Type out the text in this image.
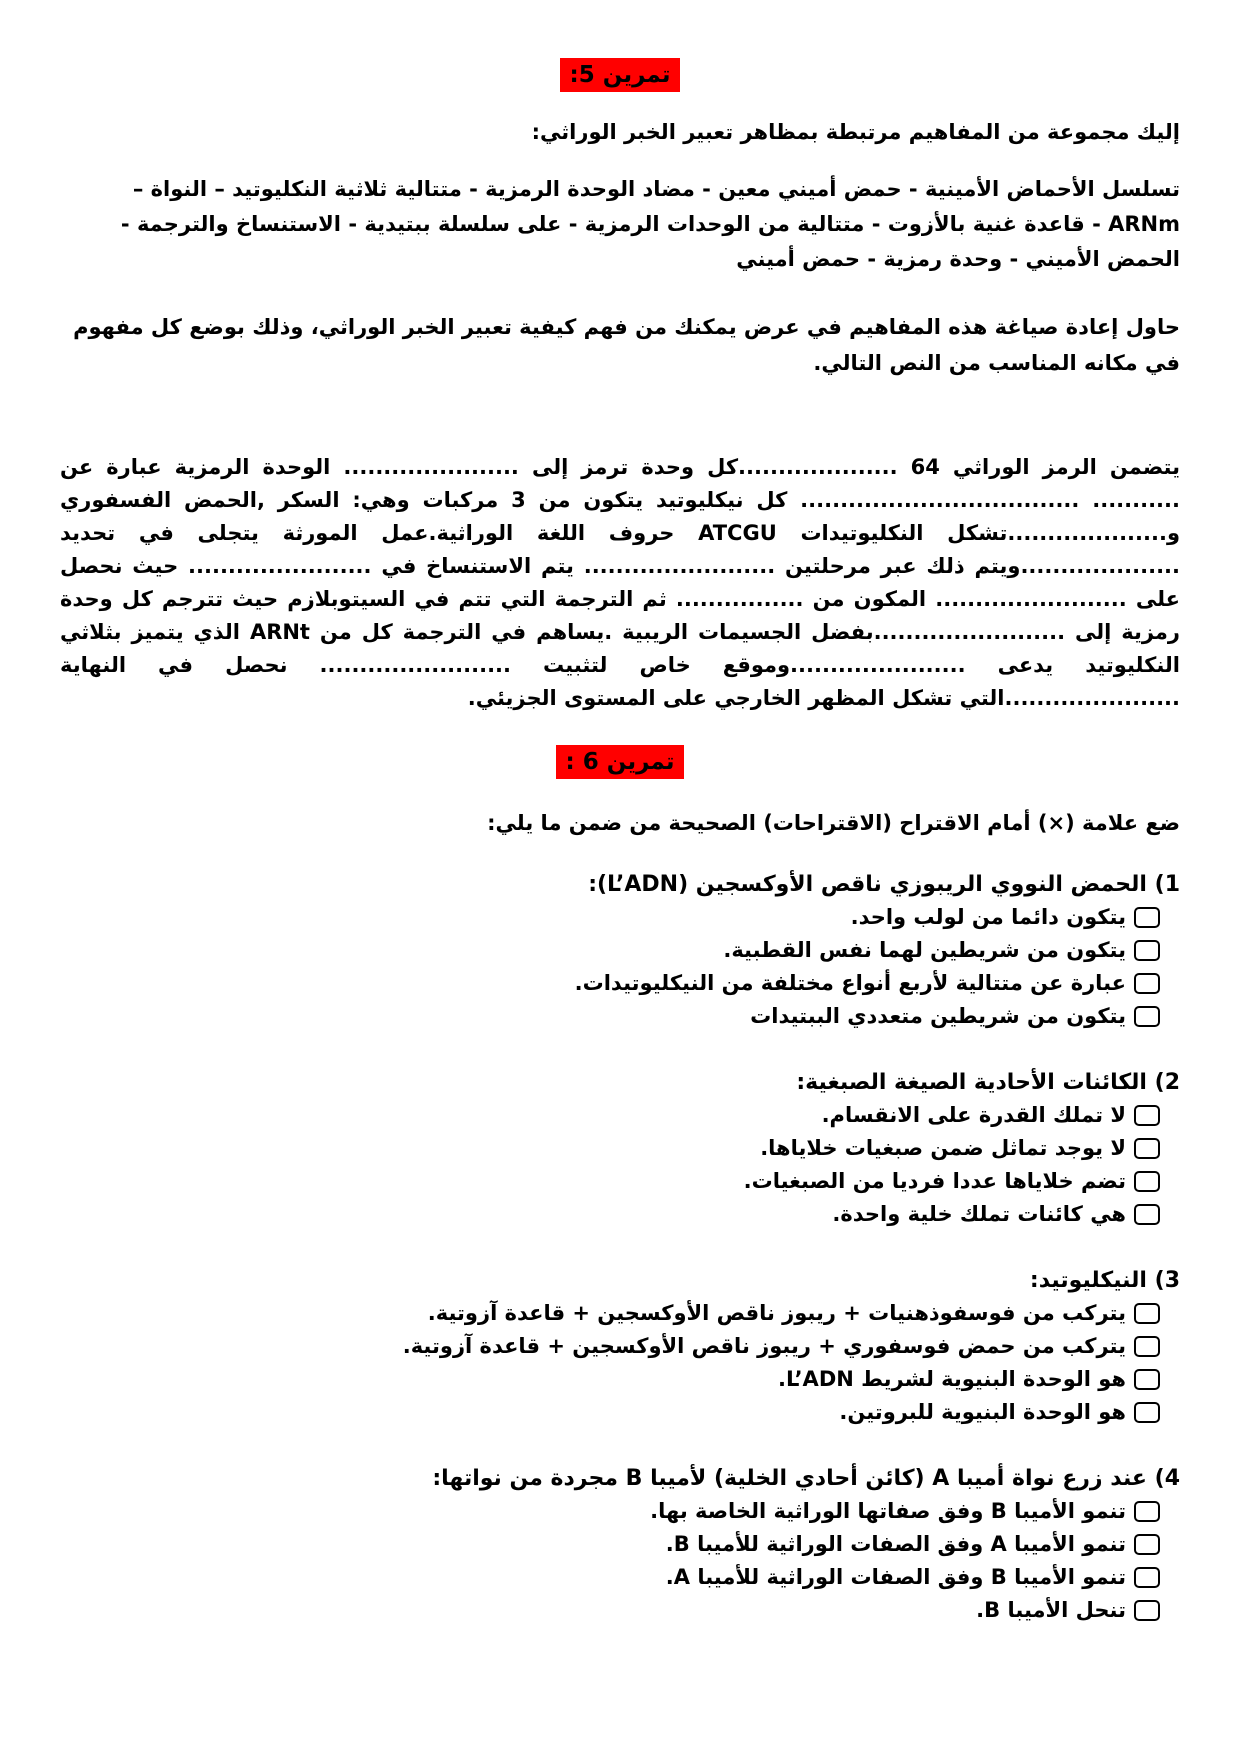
تمرين 5:

إليك مجموعة من المفاهيم مرتبطة بمظاهر تعبير الخبر الوراثي:

تسلسل الأحماض الأمينية - حمض أميني معين - مضاد الوحدة الرمزية - متتالية ثلاثية النكليوتيد – النواة – ARNm - قاعدة غنية بالأزوت - متتالية من الوحدات الرمزية - على سلسلة ببتيدية - الاستنساخ والترجمة - الحمض الأميني - وحدة رمزية - حمض أميني

حاول إعادة صياغة هذه المفاهيم في عرض يمكنك من فهم كيفية تعبير الخبر الوراثي، وذلك بوضع كل مفهوم في مكانه المناسب من النص التالي.

يتضمن الرمز الوراثي 64 ....................كل وحدة ترمز إلى ...................... الوحدة الرمزية عبارة عن ........... ................................... كل نيكليوتيد يتكون من 3 مركبات وهي: السكر ,الحمض الفسفوري و....................تشكل النكليوتيدات ATCGU حروف اللغة الوراثية.عمل المورثة يتجلى في تحديد ....................ويتم ذلك عبر مرحلتين ........................ يتم الاستنساخ في ....................... حيث نحصل على ........................ المكون من ................ ثم الترجمة التي تتم في السيتوبلازم حيث تترجم كل وحدة رمزية إلى ........................بفضل الجسيمات الريبية .يساهم في الترجمة كل من ARNt الذي يتميز بثلاثي النكليوتيد يدعى ......................وموقع خاص لتثبيت ........................ نحصل في النهاية ......................التي تشكل المظهر الخارجي على المستوى الجزيئي.

تمرين 6 :

ضع علامة (×) أمام الاقتراح (الاقتراحات) الصحيحة من ضمن ما يلي:

1) الحمض النووي الريبوزي ناقص الأوكسجين (L’ADN):
يتكون دائما من لولب واحد.
يتكون من شريطين لهما نفس القطبية.
عبارة عن متتالية لأربع أنواع مختلفة من النيكليوتيدات.
يتكون من شريطين متعددي الببتيدات
2) الكائنات الأحادية الصيغة الصبغية:
لا تملك القدرة على الانقسام.
لا يوجد تماثل ضمن صبغيات خلاياها.
تضم خلاياها عددا فرديا من الصبغيات.
هي كائنات تملك خلية واحدة.
3) النيكليوتيد:
يتركب من فوسفوذهنيات + ريبوز ناقص الأوكسجين + قاعدة آزوتية.
يتركب من حمض فوسفوري + ريبوز ناقص الأوكسجين + قاعدة آزوتية.
هو الوحدة البنيوية لشريط L’ADN.
هو الوحدة البنيوية للبروتين.
4) عند زرع نواة أميبا A (كائن أحادي الخلية) لأميبا B مجردة من نواتها:
تنمو الأميبا B وفق صفاتها الوراثية الخاصة بها.
تنمو الأميبا A وفق الصفات الوراثية للأميبا B.
تنمو الأميبا B وفق الصفات الوراثية للأميبا A.
تنحل الأميبا B.
